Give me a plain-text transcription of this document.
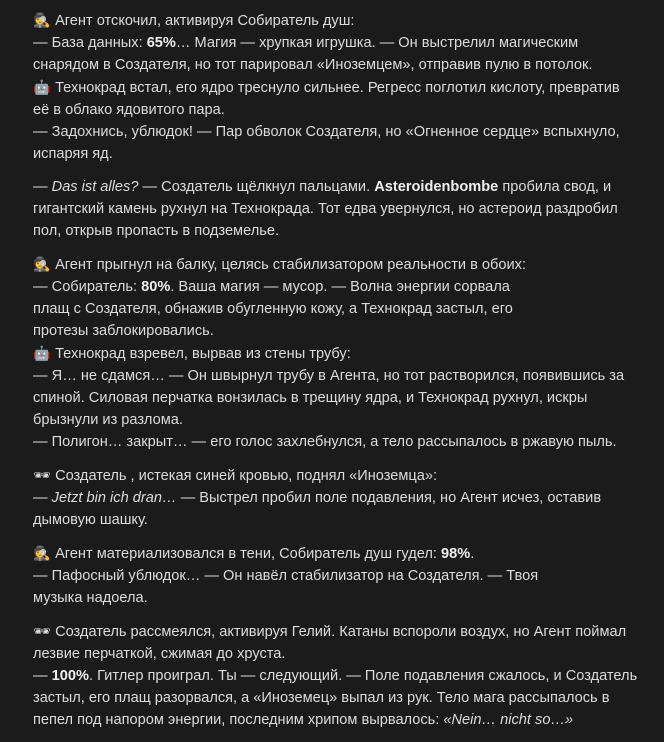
🕵 Агент отскочил, активируя Собиратель душ:
— База данных: 65%… Магия — хрупкая игрушка. — Он выстрелил магическим
снарядом в Создателя, но тот парировал «Иноземцем», отправив пулю в потолок.
🤖 Технокрад встал, его ядро треснуло сильнее. Регресс поглотил кислоту, превратив
её в облако ядовитого пара.
— Задохнись, ублюдок! — Пар обволок Создателя, но «Огненное сердце» вспыхнуло,
испаряя яд.
— Das ist alles? — Создатель щёлкнул пальцами. Asteroidenbombe пробила свод, и
гигантский камень рухнул на Технокрада. Тот едва увернулся, но астероид раздробил
пол, открыв пропасть в подземелье.
🕵 Агент прыгнул на балку, целясь стабилизатором реальности в обоих:
— Собиратель: 80%. Ваша магия — мусор. — Волна энергии сорвала
плащ с Создателя, обнажив обугленную кожу, а Технокрад застыл, его
протезы заблокировались.
🤖 Технокрад взревел, вырвав из стены трубу:
— Я… не сдамся… — Он швырнул трубу в Агента, но тот растворился, появившись за
спиной. Силовая перчатка вонзилась в трещину ядра, и Технокрад рухнул, искры
брызнули из разлома.
— Полигон… закрыт… — его голос захлебнулся, а тело рассыпалось в ржавую пыль.
🕶 Создатель , истекая синей кровью, поднял «Иноземца»:
— Jetzt bin ich dran… — Выстрел пробил поле подавления, но Агент исчез, оставив
дымовую шашку.
🕵 Агент материализовался в тени, Собиратель душ гудел: 98%.
— Пафосный ублюдок… — Он навёл стабилизатор на Создателя. — Твоя
музыка надоела.
🕶 Создатель рассмеялся, активируя Гелий. Катаны вспороли воздух, но Агент поймал
лезвие перчаткой, сжимая до хруста.
— 100%. Гитлер проиграл. Ты — следующий. — Поле подавления сжалось, и Создатель
застыл, его плащ разорвался, а «Иноземец» выпал из рук. Тело мага рассыпалось в
пепел под напором энергии, последним хрипом вырвалось: «Nein… nicht so…»
